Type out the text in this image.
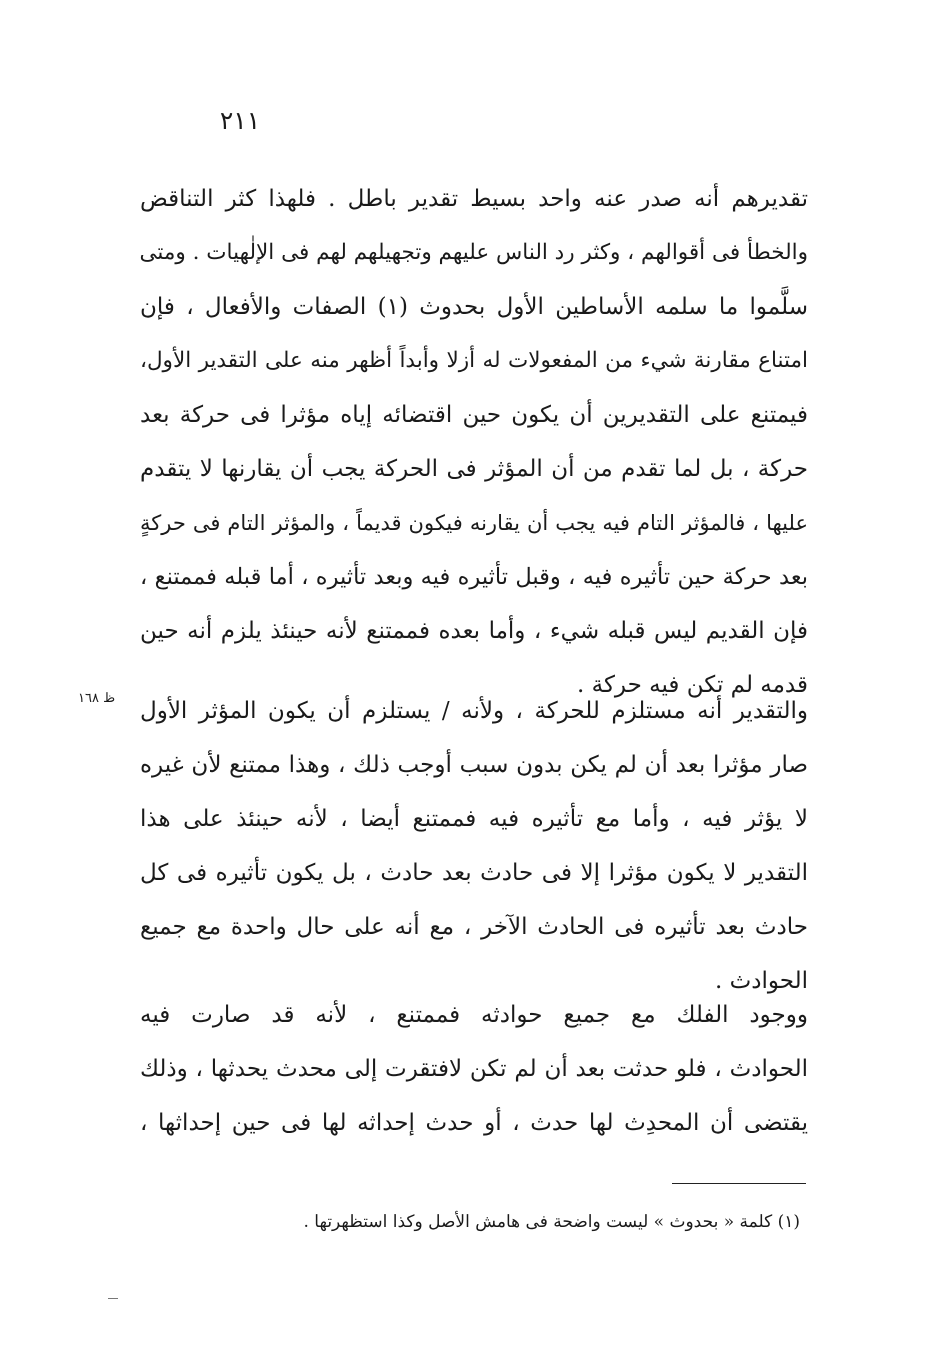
٢١١
تقديرهم أنه صدر عنه واحد بسيط تقدير باطل . فلهذا كثر التناقض
والخطأ فى أقوالهم ، وكثر رد الناس عليهم وتجهيلهم لهم فى الإلٰهيات . ومتى
سلَّموا ما سلمه الأساطين الأول بحدوث (١) الصفات والأفعال ، فإن
امتناع مقارنة شيء من المفعولات له أزلا وأبداً أظهر منه على التقدير الأول،
فيمتنع على التقديرين أن يكون حين اقتضائه إياه مؤثرا فى حركة بعد
حركة ، بل لما تقدم من أن المؤثر فى الحركة يجب أن يقارنها لا يتقدم
عليها ، فالمؤثر التام فيه يجب أن يقارنه فيكون قديماً ، والمؤثر التام فى حركةٍ
بعد حركة حين تأثيره فيه ، وقبل تأثيره فيه وبعد تأثيره ، أما قبله فممتنع ،
فإن القديم ليس قبله شيء ، وأما بعده فممتنع لأنه حينئذ يلزم أنه حين
قدمه لم تكن فيه حركة .
ظ ١٦٨	والتقدير أنه مستلزم للحركة ، ولأنه / يستلزم أن يكون المؤثر الأول
صار مؤثرا بعد أن لم يكن بدون سبب أوجب ذلك ، وهذا ممتنع لأن غيره
لا يؤثر فيه ، وأما مع تأثيره فيه فممتنع أيضا ، لأنه حينئذ على هذا
التقدير لا يكون مؤثرا إلا فى حادث بعد حادث ، بل يكون تأثيره فى كل
حادث بعد تأثيره فى الحادث الآخر ، مع أنه على حال واحدة مع جميع
الحوادث .
ووجود الفلك مع جميع حوادثه فممتنع ، لأنه قد صارت فيه
الحوادث ، فلو حدثت بعد أن لم تكن لافتقرت إلى محدث يحدثها ، وذلك
يقتضى أن المحدِث لها حدث ، أو حدث إحداثه لها فى حين إحداثها ،
(١) كلمة « بحدوث » ليست واضحة فى هامش الأصل وكذا استظهرتها .
